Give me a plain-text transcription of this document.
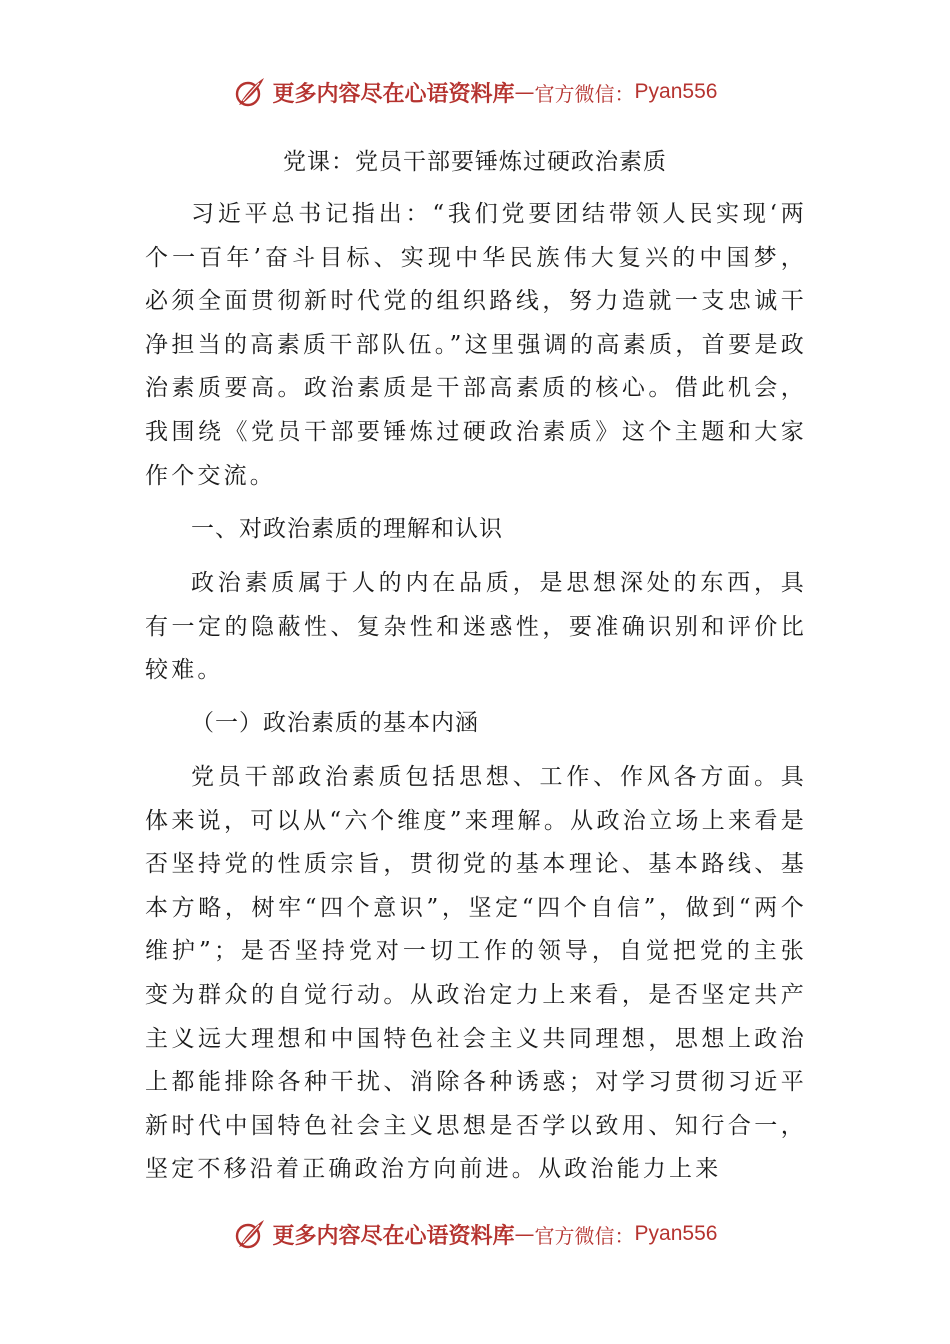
更多内容尽在心语资料库 — 官方微信： Pyan556
党课：党员干部要锤炼过硬政治素质

习近平总书记指出：“我们党要团结带领人民实现‘两个一百年’奋斗目标、实现中华民族伟大复兴的中国梦，必须全面贯彻新时代党的组织路线，努力造就一支忠诚干净担当的高素质干部队伍。”这里强调的高素质，首要是政治素质要高。政治素质是干部高素质的核心。借此机会，我围绕《党员干部要锤炼过硬政治素质》这个主题和大家作个交流。

一、对政治素质的理解和认识

政治素质属于人的内在品质，是思想深处的东西，具有一定的隐蔽性、复杂性和迷惑性，要准确识别和评价比较难。

（一）政治素质的基本内涵

党员干部政治素质包括思想、工作、作风各方面。具体来说，可以从“六个维度”来理解。从政治立场上来看是否坚持党的性质宗旨，贯彻党的基本理论、基本路线、基本方略，树牢“四个意识”，坚定“四个自信”，做到“两个维护”；是否坚持党对一切工作的领导，自觉把党的主张变为群众的自觉行动。从政治定力上来看，是否坚定共产主义远大理想和中国特色社会主义共同理想，思想上政治上都能排除各种干扰、消除各种诱惑；对学习贯彻习近平新时代中国特色社会主义思想是否学以致用、知行合一，坚定不移沿着正确政治方向前进。从政治能力上来

更多内容尽在心语资料库 — 官方微信： Pyan556
